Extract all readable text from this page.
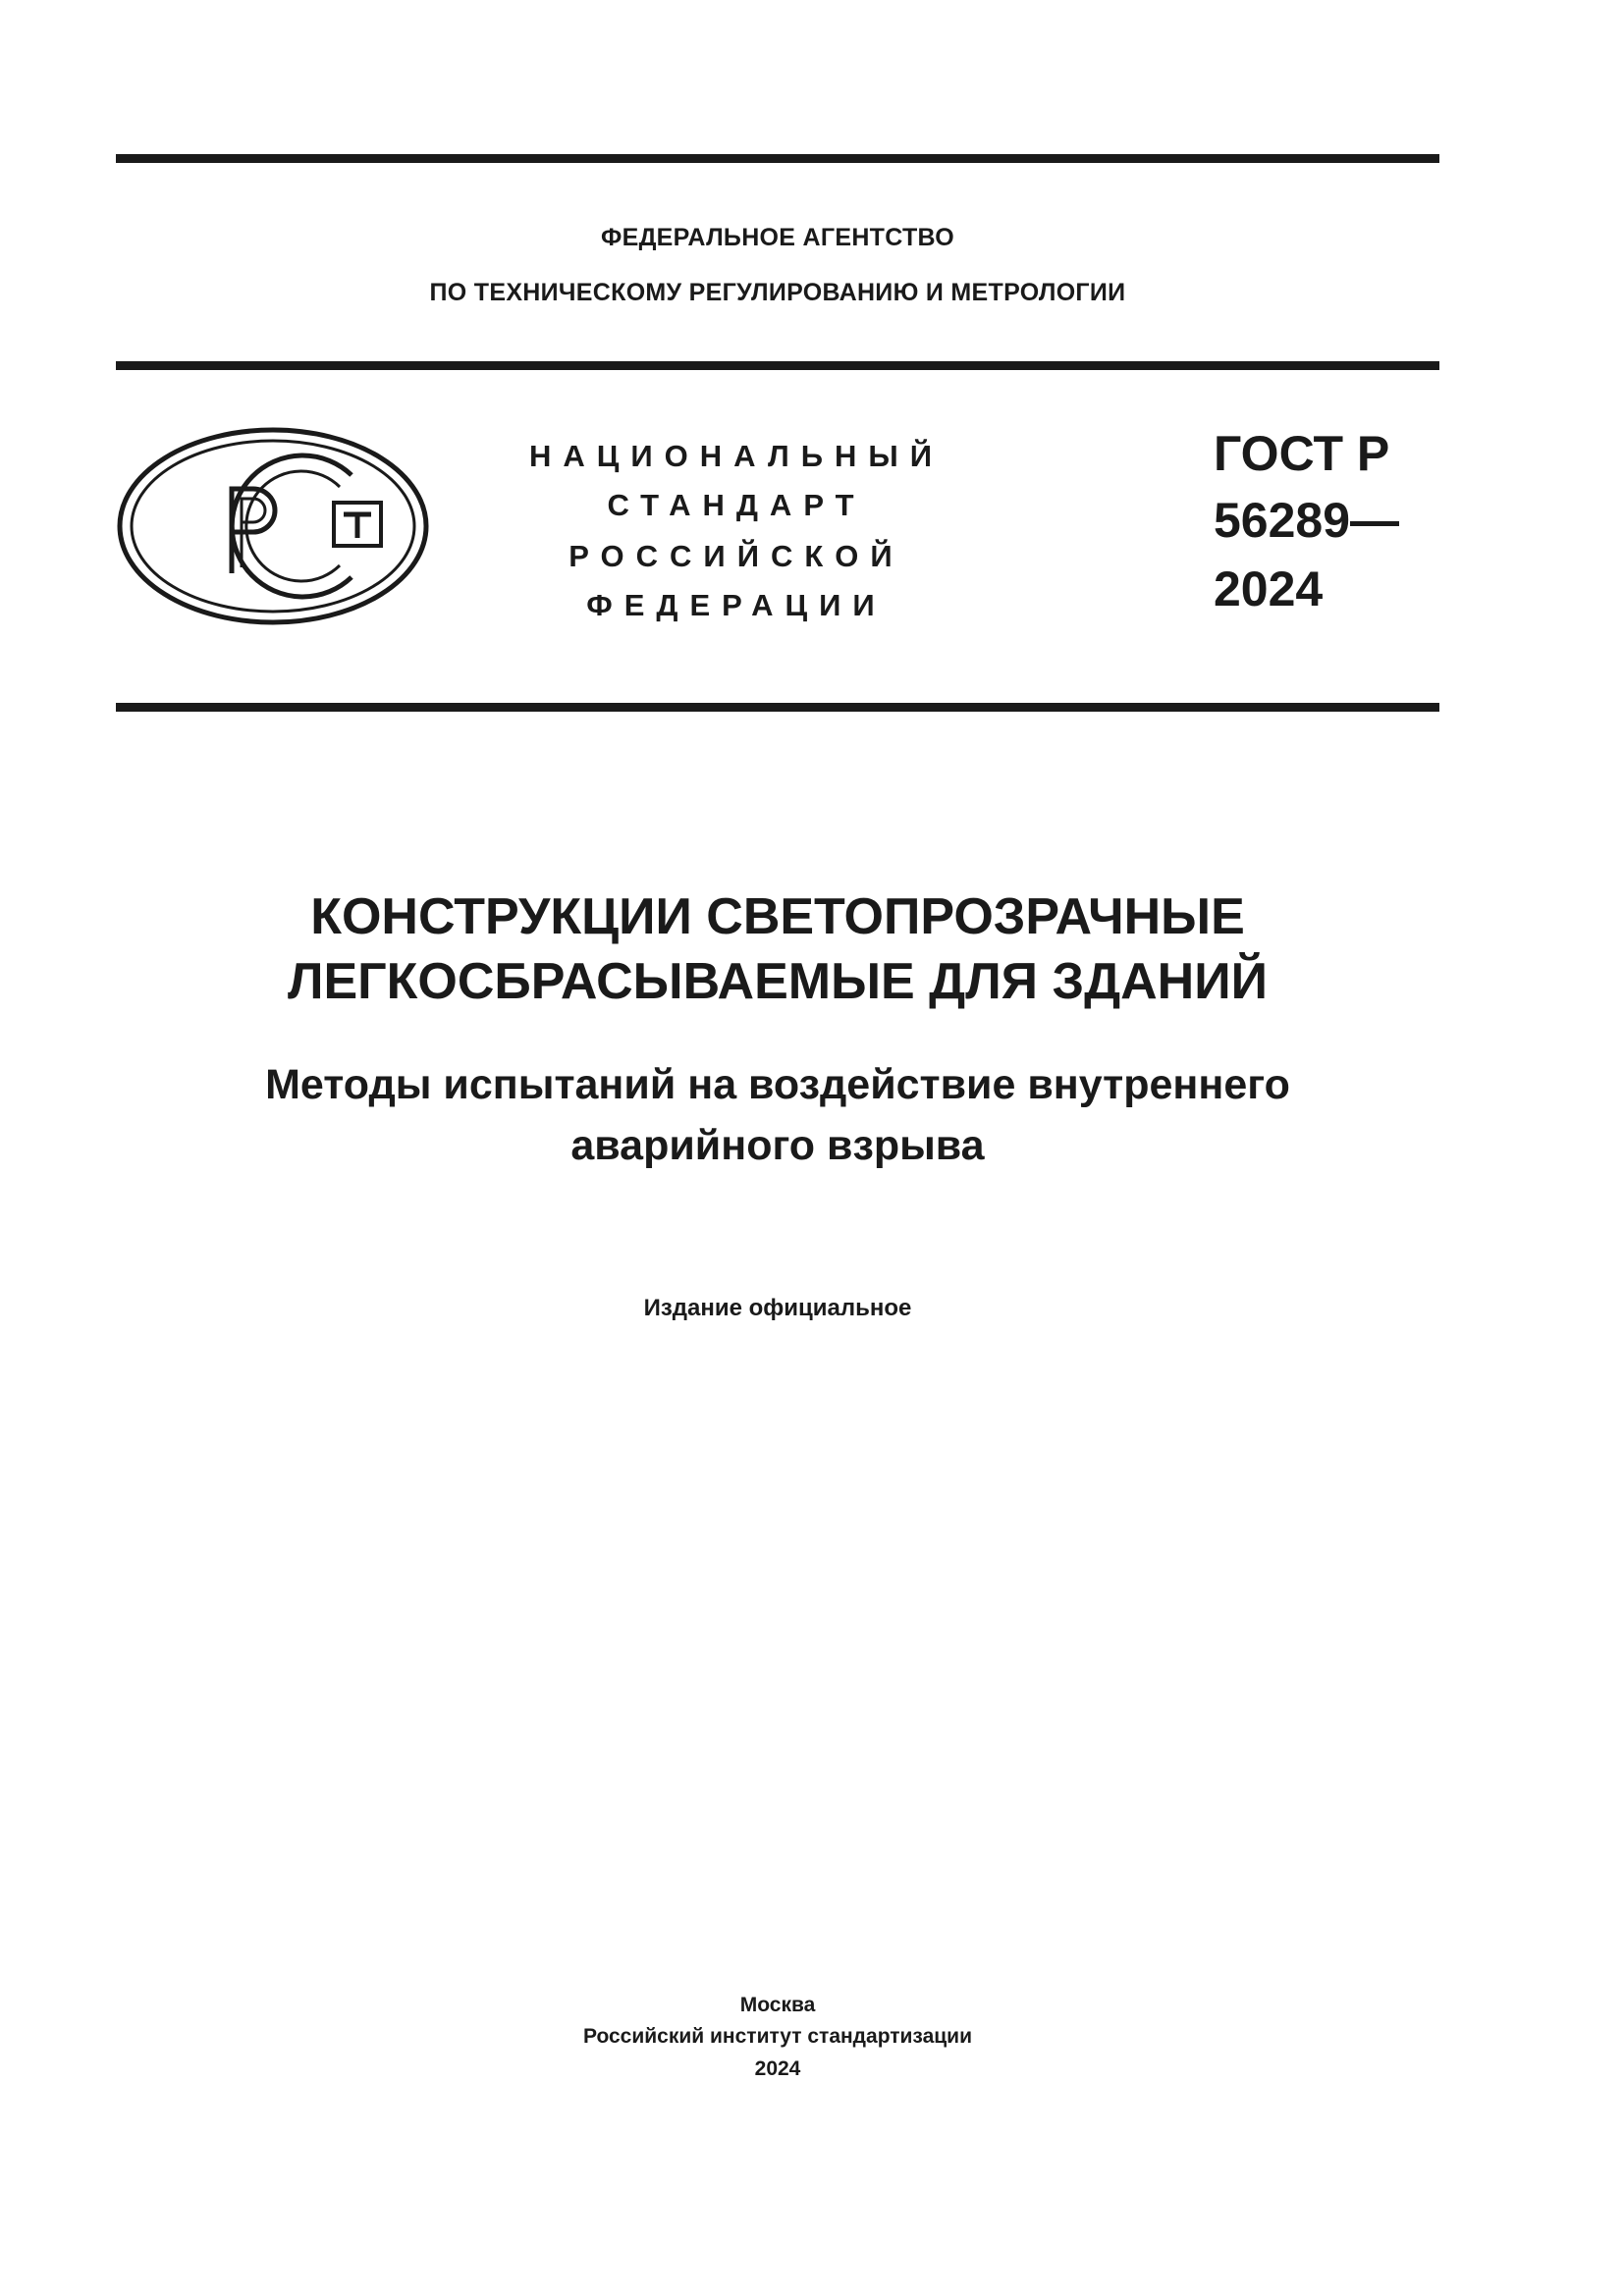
ФЕДЕРАЛЬНОЕ АГЕНТСТВО
ПО ТЕХНИЧЕСКОМУ РЕГУЛИРОВАНИЮ И МЕТРОЛОГИИ
НАЦИОНАЛЬНЫЙ
СТАНДАРТ
РОССИЙСКОЙ
ФЕДЕРАЦИИ
ГОСТ Р
56289—
2024
КОНСТРУКЦИИ СВЕТОПРОЗРАЧНЫЕ
ЛЕГКОСБРАСЫВАЕМЫЕ ДЛЯ ЗДАНИЙ
Методы испытаний на воздействие внутреннего
аварийного взрыва
Издание официальное
Москва
Российский институт стандартизации
2024
